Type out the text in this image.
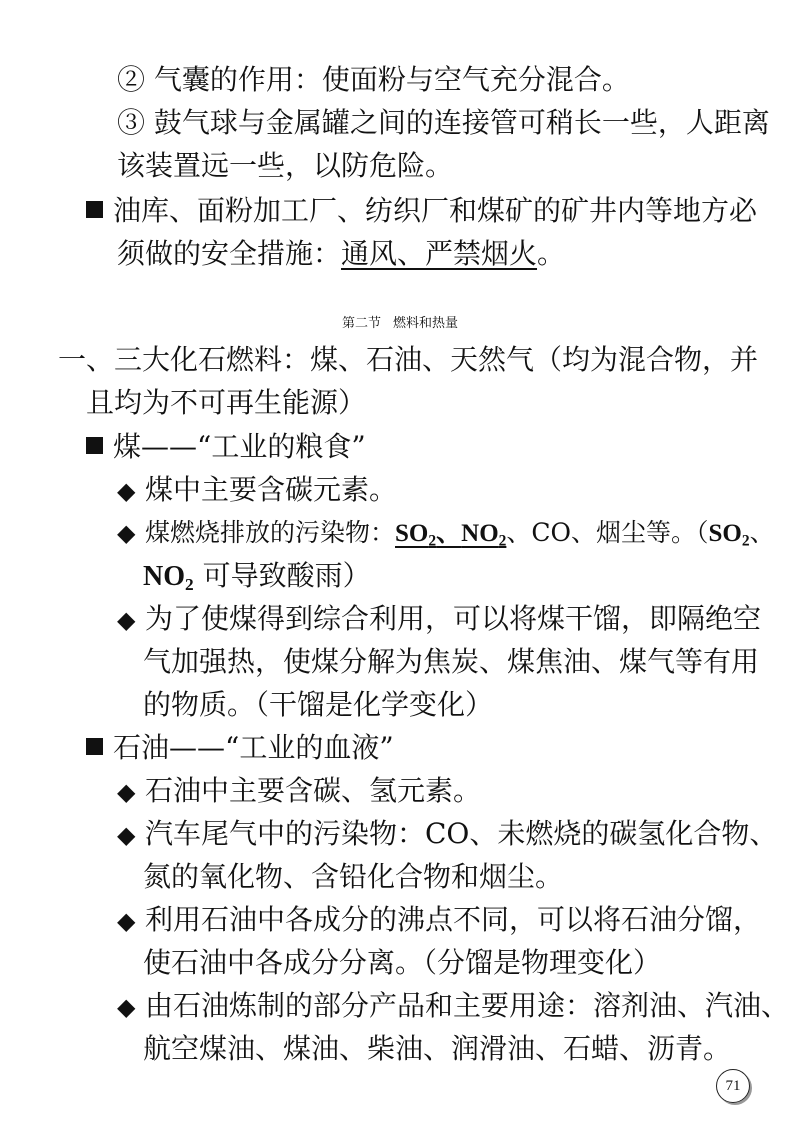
② 气囊的作用：使面粉与空气充分混合。
③ 鼓气球与金属罐之间的连接管可稍长一些，人距离
该装置远一些，以防危险。
油库、面粉加工厂、纺织厂和煤矿的矿井内等地方必
须做的安全措施：通风、严禁烟火。
第二节 燃料和热量
一、三大化石燃料：煤、石油、天然气（均为混合物，并
且均为不可再生能源）
煤——“工业的粮食”
◆ 煤中主要含碳元素。
◆ 煤燃烧排放的污染物：$SO_2$、$NO_2$、CO、烟尘等。（$SO_2$、
$NO_2$ 可导致酸雨）
◆ 为了使煤得到综合利用，可以将煤干馏，即隔绝空
气加强热，使煤分解为焦炭、煤焦油、煤气等有用
的物质。（干馏是化学变化）
石油——“工业的血液”
◆ 石油中主要含碳、氢元素。
◆ 汽车尾气中的污染物：CO、未燃烧的碳氢化合物、
氮的氧化物、含铅化合物和烟尘。
◆ 利用石油中各成分的沸点不同，可以将石油分馏，
使石油中各成分分离。（分馏是物理变化）
◆ 由石油炼制的部分产品和主要用途：溶剂油、汽油、
航空煤油、煤油、柴油、润滑油、石蜡、沥青。
71
